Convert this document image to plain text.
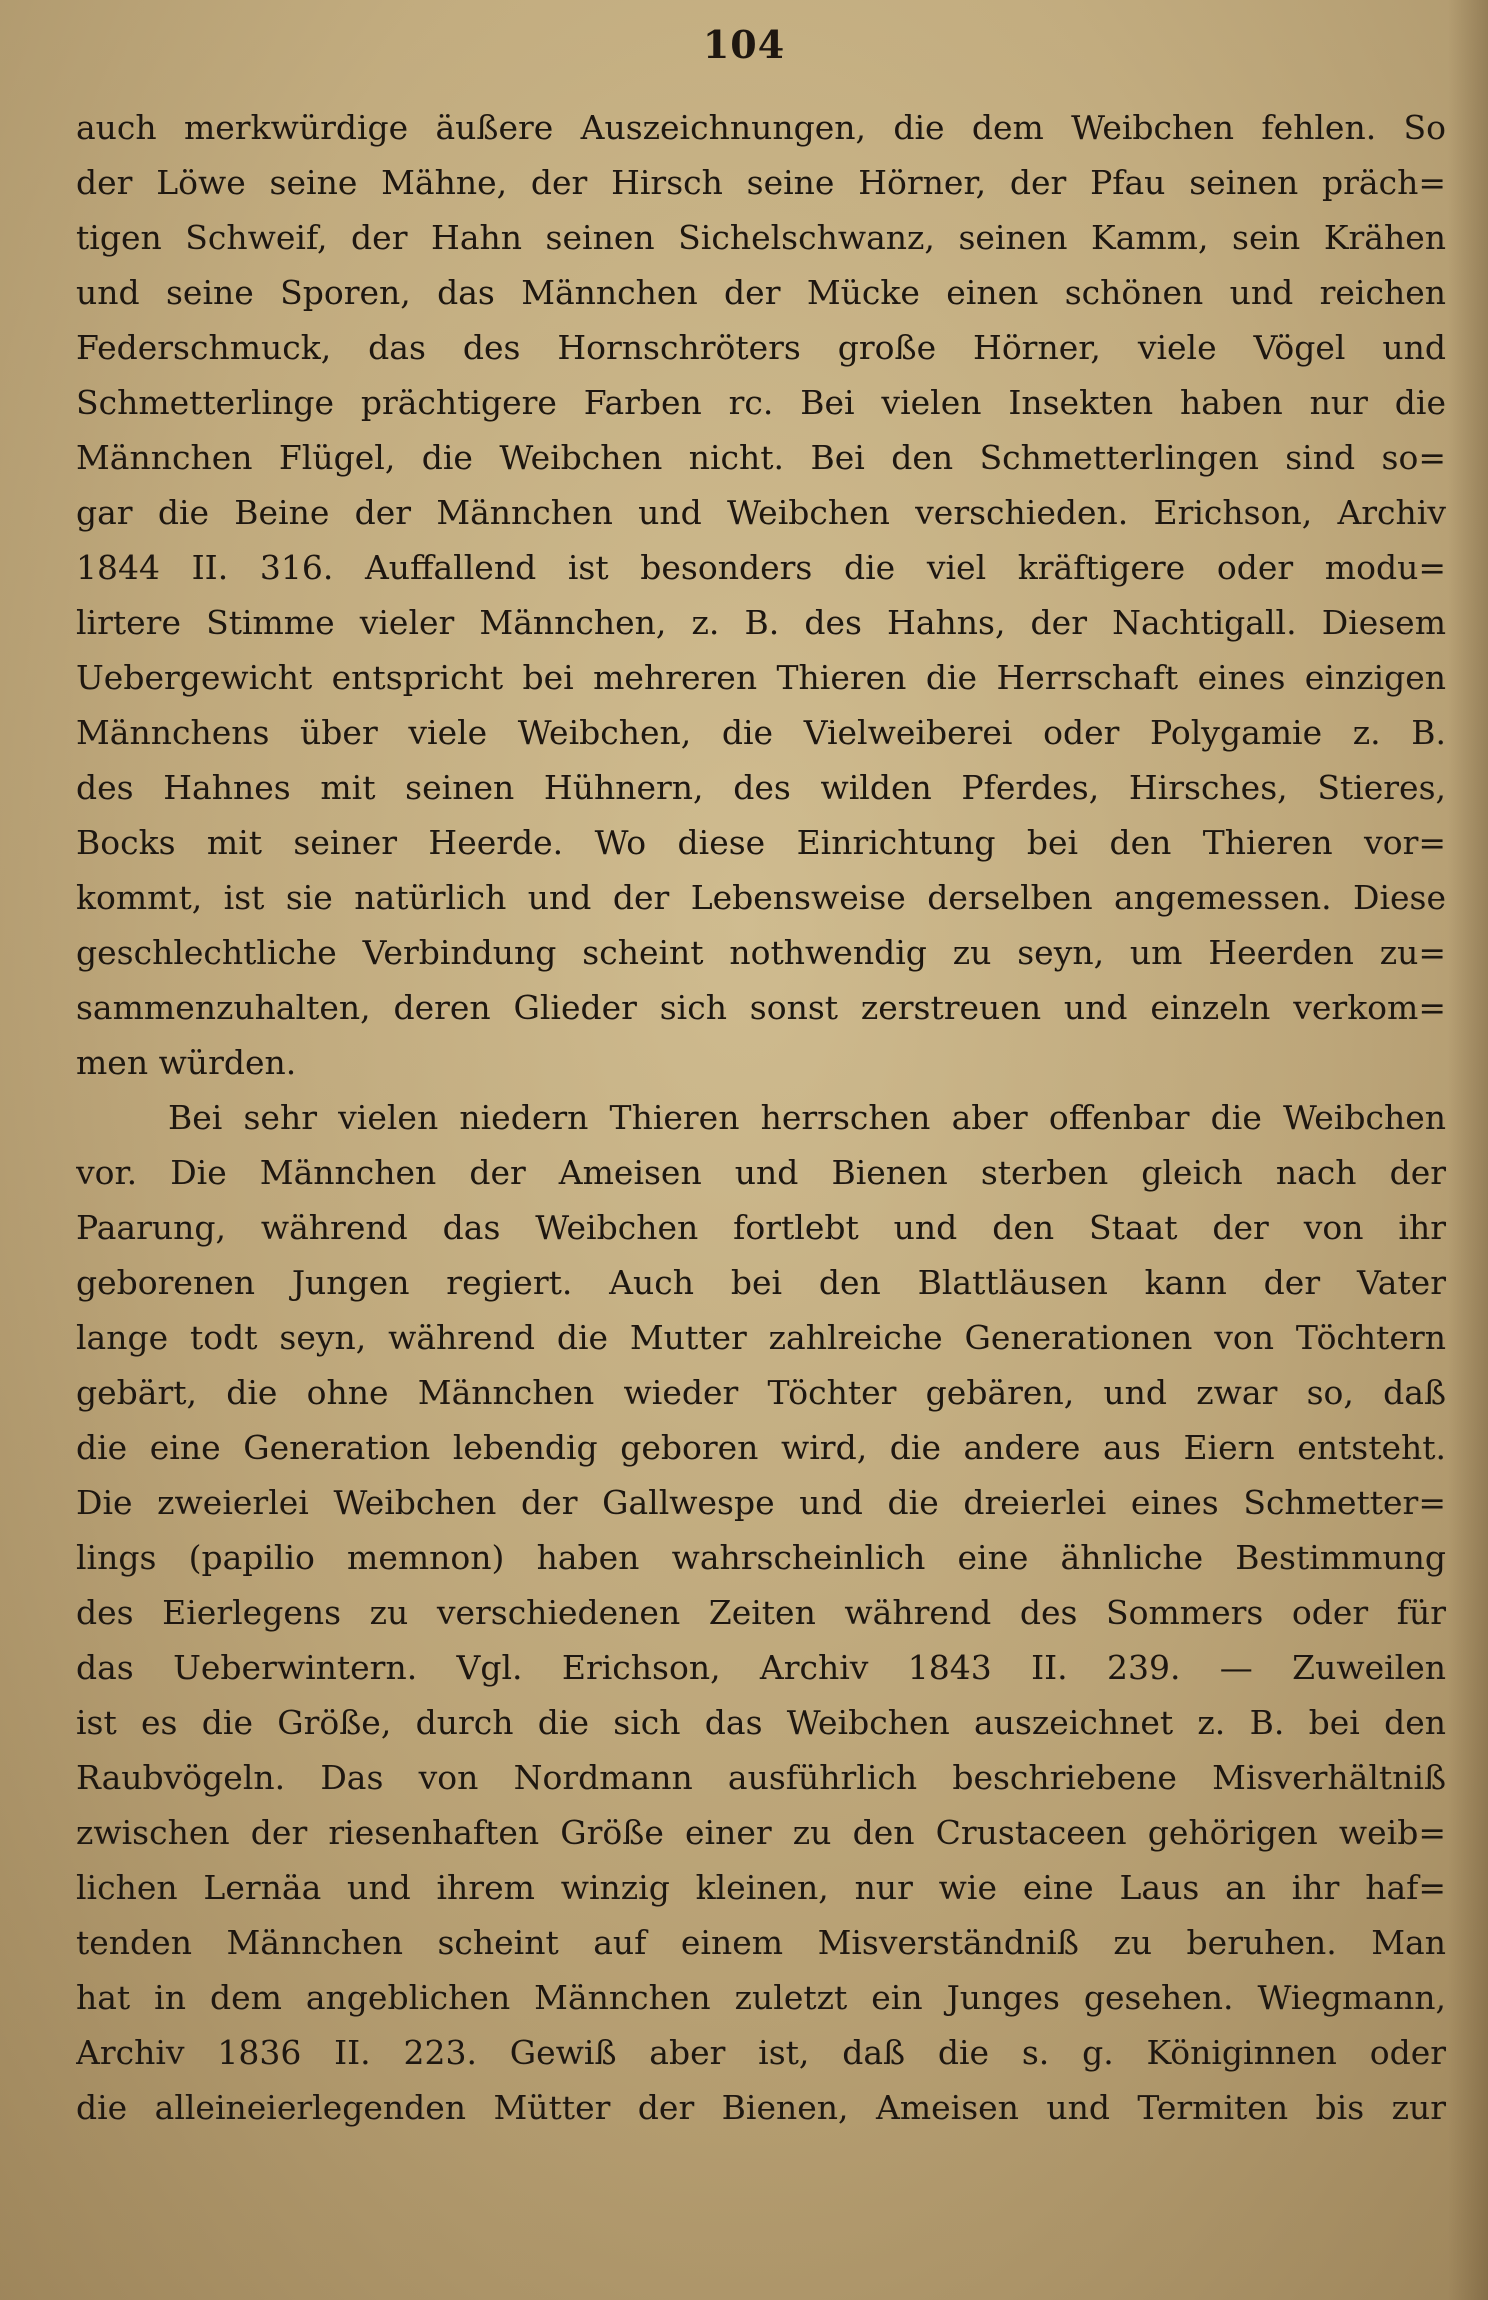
104
auch merkwürdige äußere Auszeichnungen, die dem Weibchen fehlen. So
der Löwe seine Mähne, der Hirsch seine Hörner, der Pfau seinen präch=
tigen Schweif, der Hahn seinen Sichelschwanz, seinen Kamm, sein Krähen
und seine Sporen, das Männchen der Mücke einen schönen und reichen
Federschmuck, das des Hornschröters große Hörner, viele Vögel und
Schmetterlinge prächtigere Farben rc. Bei vielen Insekten haben nur die
Männchen Flügel, die Weibchen nicht. Bei den Schmetterlingen sind so=
gar die Beine der Männchen und Weibchen verschieden. Erichson, Archiv
1844 II. 316. Auffallend ist besonders die viel kräftigere oder modu=
lirtere Stimme vieler Männchen, z. B. des Hahns, der Nachtigall. Diesem
Uebergewicht entspricht bei mehreren Thieren die Herrschaft eines einzigen
Männchens über viele Weibchen, die Vielweiberei oder Polygamie z. B.
des Hahnes mit seinen Hühnern, des wilden Pferdes, Hirsches, Stieres,
Bocks mit seiner Heerde. Wo diese Einrichtung bei den Thieren vor=
kommt, ist sie natürlich und der Lebensweise derselben angemessen. Diese
geschlechtliche Verbindung scheint nothwendig zu seyn, um Heerden zu=
sammenzuhalten, deren Glieder sich sonst zerstreuen und einzeln verkom=
men würden.
Bei sehr vielen niedern Thieren herrschen aber offenbar die Weibchen
vor. Die Männchen der Ameisen und Bienen sterben gleich nach der
Paarung, während das Weibchen fortlebt und den Staat der von ihr
geborenen Jungen regiert. Auch bei den Blattläusen kann der Vater
lange todt seyn, während die Mutter zahlreiche Generationen von Töchtern
gebärt, die ohne Männchen wieder Töchter gebären, und zwar so, daß
die eine Generation lebendig geboren wird, die andere aus Eiern entsteht.
Die zweierlei Weibchen der Gallwespe und die dreierlei eines Schmetter=
lings (papilio memnon) haben wahrscheinlich eine ähnliche Bestimmung
des Eierlegens zu verschiedenen Zeiten während des Sommers oder für
das Ueberwintern. Vgl. Erichson, Archiv 1843 II. 239. — Zuweilen
ist es die Größe, durch die sich das Weibchen auszeichnet z. B. bei den
Raubvögeln. Das von Nordmann ausführlich beschriebene Misverhältniß
zwischen der riesenhaften Größe einer zu den Crustaceen gehörigen weib=
lichen Lernäa und ihrem winzig kleinen, nur wie eine Laus an ihr haf=
tenden Männchen scheint auf einem Misverständniß zu beruhen. Man
hat in dem angeblichen Männchen zuletzt ein Junges gesehen. Wiegmann,
Archiv 1836 II. 223. Gewiß aber ist, daß die s. g. Königinnen oder
die alleineierlegenden Mütter der Bienen, Ameisen und Termiten bis zur
